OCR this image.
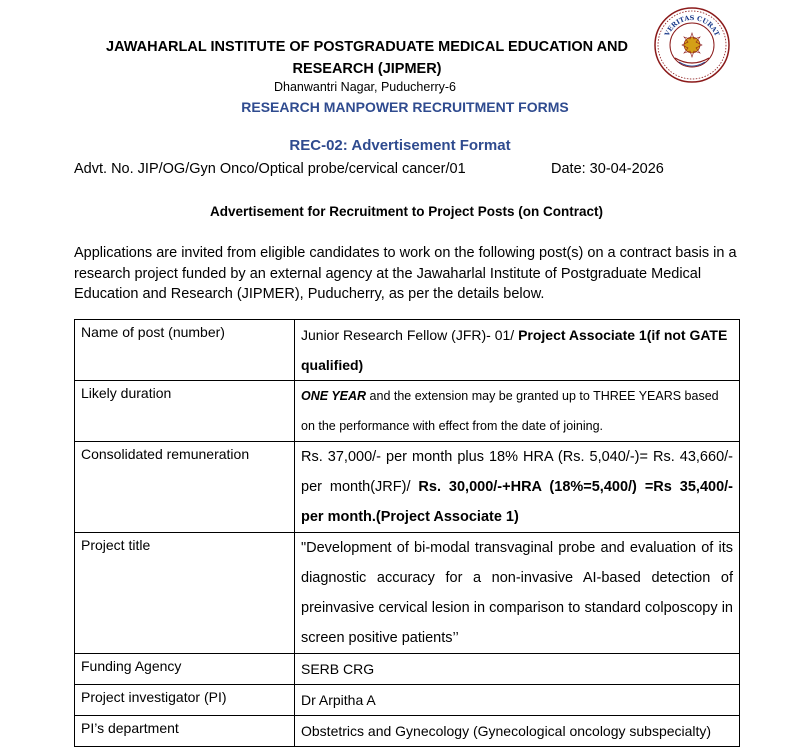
JAWAHARLAL INSTITUTE OF POSTGRADUATE MEDICAL EDUCATION AND RESEARCH (JIPMER)
Dhanwantri Nagar, Puducherry-6
RESEARCH MANPOWER RECRUITMENT FORMS
VERITAS CURAT
REC-02: Advertisement Format
Advt. No. JIP/OG/Gyn Onco/Optical probe/cervical cancer/01	Date: 30-04-2026
Advertisement for Recruitment to Project Posts (on Contract)
Applications are invited from eligible candidates to work on the following post(s) on a contract basis in a research project funded by an external agency at the Jawaharlal Institute of Postgraduate Medical Education and Research (JIPMER), Puducherry, as per the details below.
Name of post (number)	Junior Research Fellow (JFR)- 01/ Project Associate 1(if not GATE qualified)
Likely duration	ONE YEAR and the extension may be granted up to THREE YEARS based on the performance with effect from the date of joining.
Consolidated remuneration	Rs. 37,000/- per month plus 18% HRA (Rs. 5,040/-)= Rs. 43,660/- per month(JRF)/ Rs. 30,000/-+HRA (18%=5,400/) =Rs 35,400/- per month.(Project Associate 1)
Project title	"Development of bi-modal transvaginal probe and evaluation of its diagnostic accuracy for a non-invasive AI-based detection of preinvasive cervical lesion in comparison to standard colposcopy in screen positive patients’’
Funding Agency	SERB CRG
Project investigator (PI)	Dr Arpitha A
PI’s department	Obstetrics and Gynecology (Gynecological oncology subspecialty)
